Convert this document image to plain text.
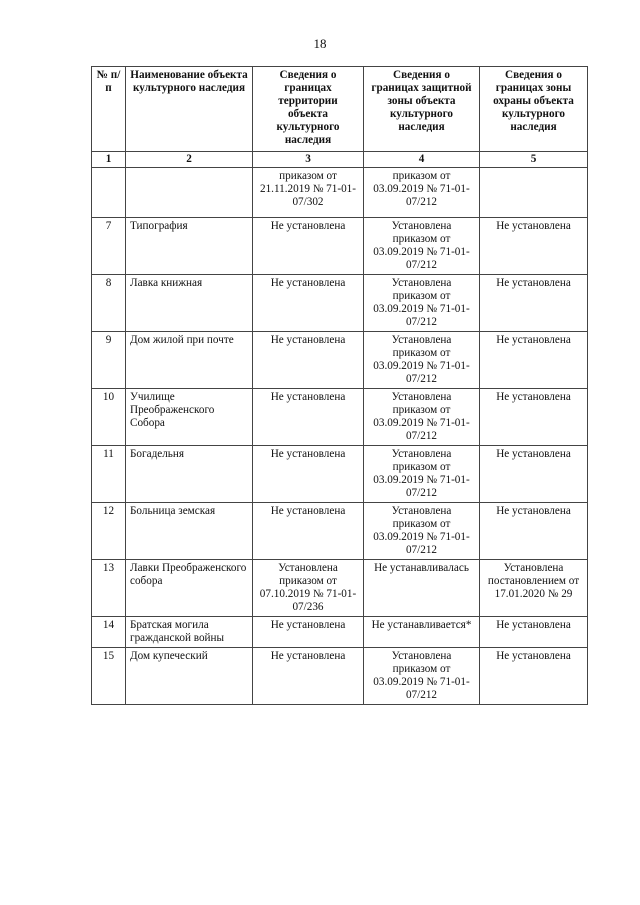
18
№ п/п	Наименование объекта культурного наследия	Сведения о границах территории объекта культурного наследия	Сведения о границах защитной зоны объекта культурного наследия	Сведения о границах зоны охраны объекта культурного наследия
1	2	3	4	5
		приказом от 21.11.2019 № 71-01-07/302	приказом от 03.09.2019 № 71-01-07/212	
7	Типография	Не установлена	Установлена приказом от 03.09.2019 № 71-01-07/212	Не установлена
8	Лавка книжная	Не установлена	Установлена приказом от 03.09.2019 № 71-01-07/212	Не установлена
9	Дом жилой при почте	Не установлена	Установлена приказом от 03.09.2019 № 71-01-07/212	Не установлена
10	Училище Преображенского Собора	Не установлена	Установлена приказом от 03.09.2019 № 71-01-07/212	Не установлена
11	Богадельня	Не установлена	Установлена приказом от 03.09.2019 № 71-01-07/212	Не установлена
12	Больница земская	Не установлена	Установлена приказом от 03.09.2019 № 71-01-07/212	Не установлена
13	Лавки Преображенского собора	Установлена приказом от 07.10.2019 № 71-01-07/236	Не устанавливалась	Установлена постановлением от 17.01.2020 № 29
14	Братская могила гражданской войны	Не установлена	Не устанавливается*	Не установлена
15	Дом купеческий	Не установлена	Установлена приказом от 03.09.2019 № 71-01-07/212	Не установлена
